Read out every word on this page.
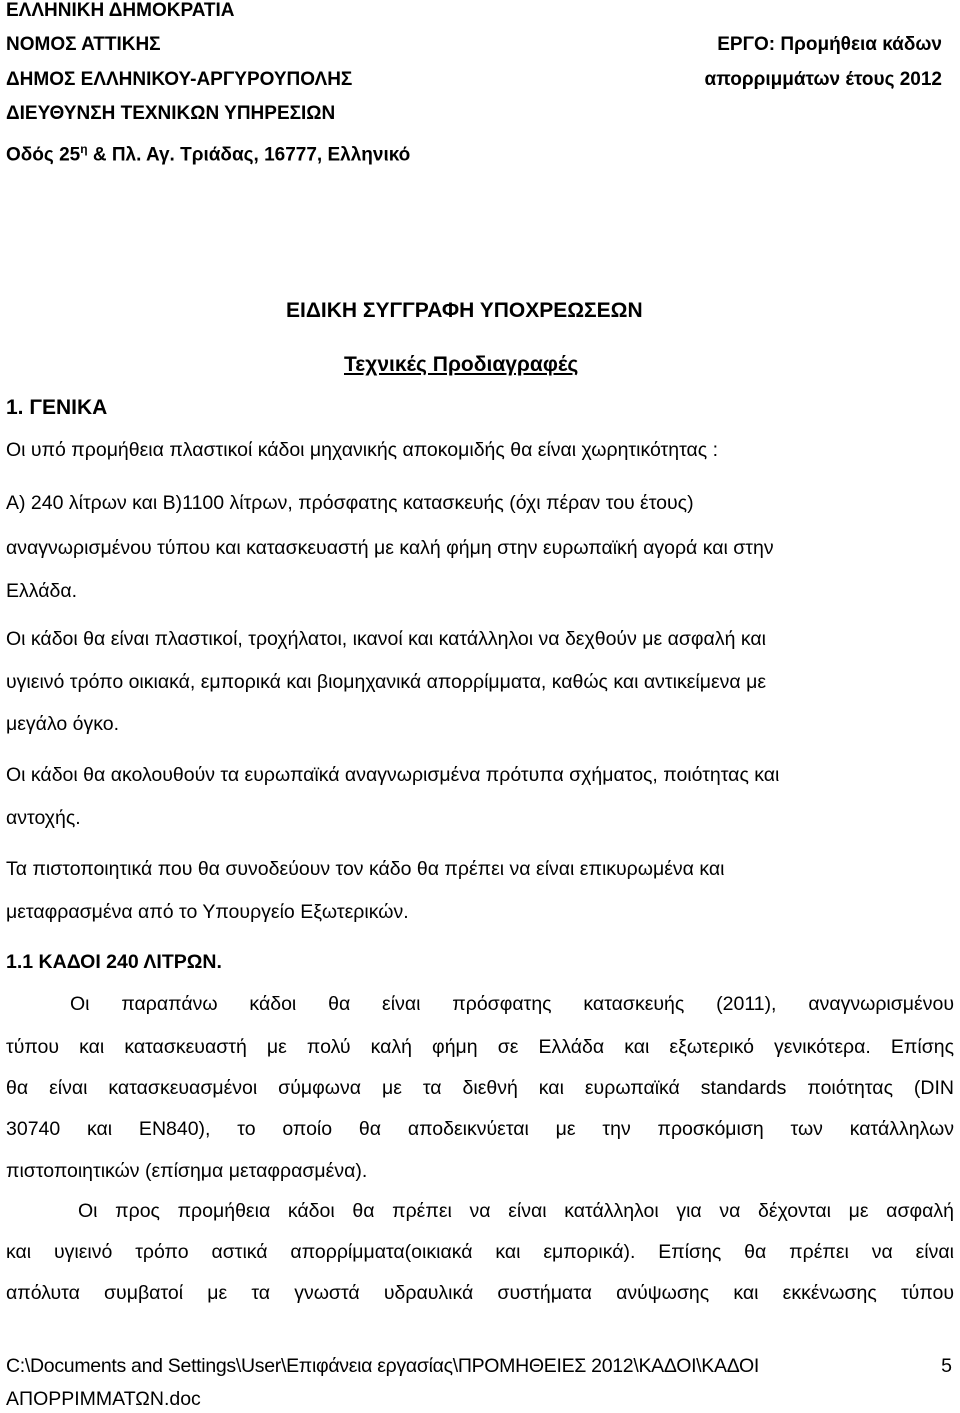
ΕΛΛΗΝΙΚΗ ΔΗΜΟΚΡΑΤΙΑ
ΝΟΜΟΣ ΑΤΤΙΚΗΣ
ΔΗΜΟΣ ΕΛΛΗΝΙΚΟΥ-ΑΡΓΥΡΟΥΠΟΛΗΣ
ΔΙΕΥΘΥΝΣΗ ΤΕΧΝΙΚΩΝ ΥΠΗΡΕΣΙΩΝ
Οδός $25^\eta$ & Πλ. Αγ. Τριάδας, 16777, Ελληνικό
ΕΡΓΟ: Προμήθεια κάδων
απορριμμάτων έτους 2012
ΕΙΔΙΚΗ ΣΥΓΓΡΑΦΗ ΥΠΟΧΡΕΩΣΕΩΝ
Τεχνικές Προδιαγραφές
1. ΓΕΝΙΚΑ
Οι υπό προμήθεια πλαστικοί κάδοι μηχανικής αποκομιδής θα είναι χωρητικότητας :
Α) 240 λίτρων και Β)1100 λίτρων, πρόσφατης κατασκευής (όχι πέραν του έτους)
αναγνωρισμένου τύπου και κατασκευαστή με καλή φήμη στην ευρωπαϊκή αγορά και στην
Ελλάδα.
Οι κάδοι θα είναι πλαστικοί, τροχήλατοι, ικανοί και κατάλληλοι να δεχθούν με ασφαλή και
υγιεινό τρόπο οικιακά, εμπορικά και βιομηχανικά απορρίμματα, καθώς και αντικείμενα με
μεγάλο όγκο.
Οι κάδοι θα ακολουθούν τα ευρωπαϊκά αναγνωρισμένα πρότυπα σχήματος, ποιότητας και
αντοχής.
Τα πιστοποιητικά που θα συνοδεύουν τον κάδο θα πρέπει να είναι επικυρωμένα και
μεταφρασμένα από το Υπουργείο Εξωτερικών.
1.1 ΚΑΔΟΙ 240 ΛΙΤΡΩΝ.
Οι παραπάνω κάδοι θα είναι πρόσφατης κατασκευής (2011), αναγνωρισμένου
τύπου και κατασκευαστή με πολύ καλή φήμη σε Ελλάδα και εξωτερικό γενικότερα. Επίσης
θα είναι κατασκευασμένοι σύμφωνα με τα διεθνή και ευρωπαϊκά standards ποιότητας (DIN
30740 και EN840), το οποίο θα αποδεικνύεται με την προσκόμιση των κατάλληλων
πιστοποιητικών (επίσημα μεταφρασμένα).
Οι προς προμήθεια κάδοι θα πρέπει να είναι κατάλληλοι για να δέχονται με ασφαλή
και υγιεινό τρόπο αστικά απορρίμματα(οικιακά και εμπορικά). Επίσης θα πρέπει να είναι
απόλυτα συμβατοί με τα γνωστά υδραυλικά συστήματα ανύψωσης και εκκένωσης τύπου
C:\Documents and Settings\User\Επιφάνεια εργασίας\ΠΡΟΜΗΘΕΙΕΣ 2012\ΚΑΔΟΙ\ΚΑΔΟΙ
ΑΠΟΡΡΙΜΜΑΤΩΝ.doc
5
